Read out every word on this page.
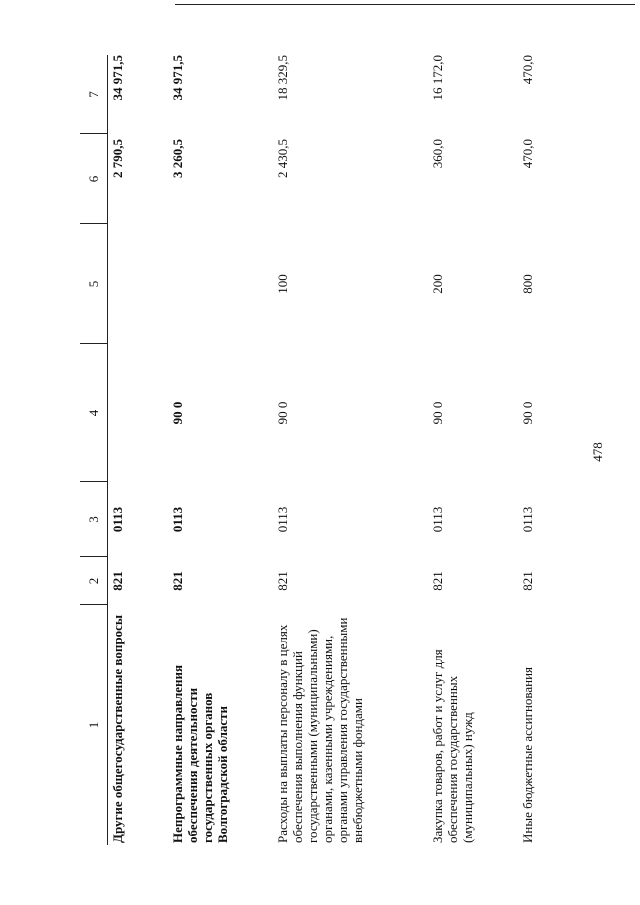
478
1
2
3
4
5
6
7
Другие общегосударственные вопросы
821
0113
2 790,5
34 971,5
Непрограммные направления обеспечения деятельности государственных органов Волгоградской области
821
0113
90 0
3 260,5
34 971,5
Расходы на выплаты персоналу в целях обеспечения выполнения функций государственными (муниципальными) органами, казенными учреждениями, органами управления государственными внебюджетными фондами
821
0113
90 0
100
2 430,5
18 329,5
Закупка товаров, работ и услуг для обеспечения государственных (муниципальных) нужд
821
0113
90 0
200
360,0
16 172,0
Иные бюджетные ассигнования
821
0113
90 0
800
470,0
470,0
